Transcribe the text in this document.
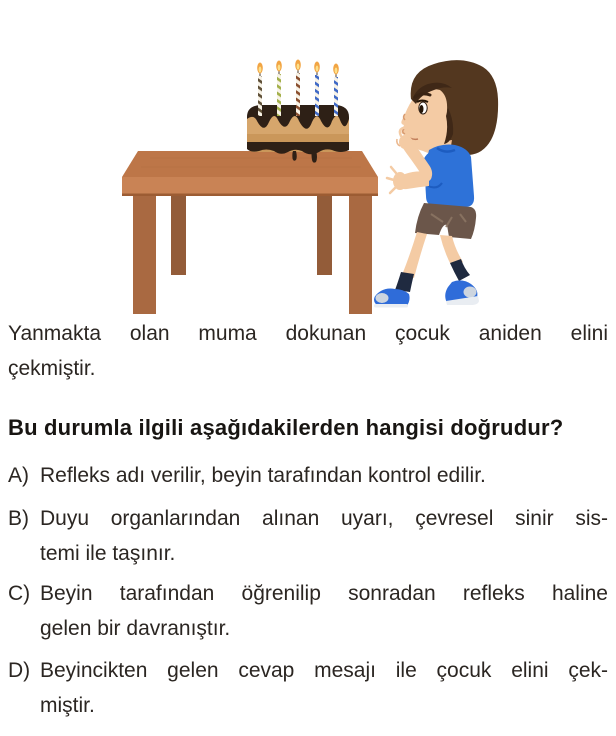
Yanmakta olan muma dokunan çocuk aniden elini
çekmiştir.
Bu durumla ilgili aşağıdakilerden hangisi doğrudur?
A) Refleks adı verilir, beyin tarafından kontrol edilir.
B) Duyu organlarından alınan uyarı, çevresel sinir sis-
temi ile taşınır.
C) Beyin tarafından öğrenilip sonradan refleks haline
gelen bir davranıştır.
D) Beyincikten gelen cevap mesajı ile çocuk elini çek-
miştir.
